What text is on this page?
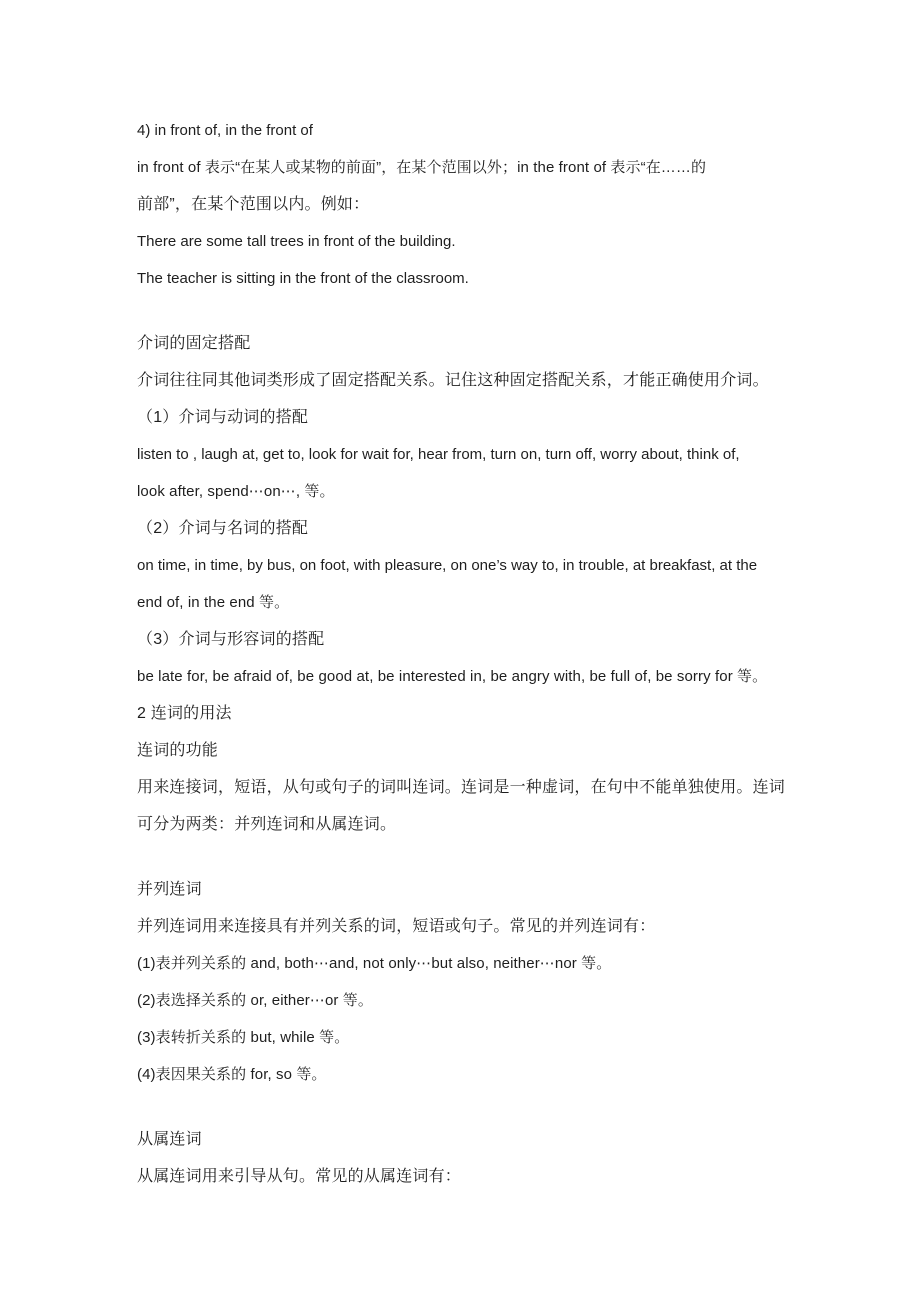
4) in front of, in the front of
in front of 表示“在某人或某物的前面”，在某个范围以外；in the front of 表示“在……的
前部”，在某个范围以内。例如：
There are some tall trees in front of the building.
The teacher is sitting in the front of the classroom.
介词的固定搭配
介词往往同其他词类形成了固定搭配关系。记住这种固定搭配关系，才能正确使用介词。
（1）介词与动词的搭配
listen to , laugh at, get to, look for wait for, hear from, turn on, turn off, worry about, think of,
look after, spend⋯on⋯, 等。
（2）介词与名词的搭配
on time, in time, by bus, on foot, with pleasure, on one’s way to, in trouble, at breakfast, at the
end of, in the end 等。
（3）介词与形容词的搭配
be late for, be afraid of, be good at, be interested in, be angry with, be full of, be sorry for 等。
2 连词的用法
连词的功能
用来连接词，短语，从句或句子的词叫连词。连词是一种虚词，在句中不能单独使用。连词
可分为两类：并列连词和从属连词。
并列连词
并列连词用来连接具有并列关系的词，短语或句子。常见的并列连词有：
(1)表并列关系的 and, both⋯and, not only⋯but also, neither⋯nor 等。
(2)表选择关系的 or, either⋯or 等。
(3)表转折关系的 but, while 等。
(4)表因果关系的 for, so 等。
从属连词
从属连词用来引导从句。常见的从属连词有：
